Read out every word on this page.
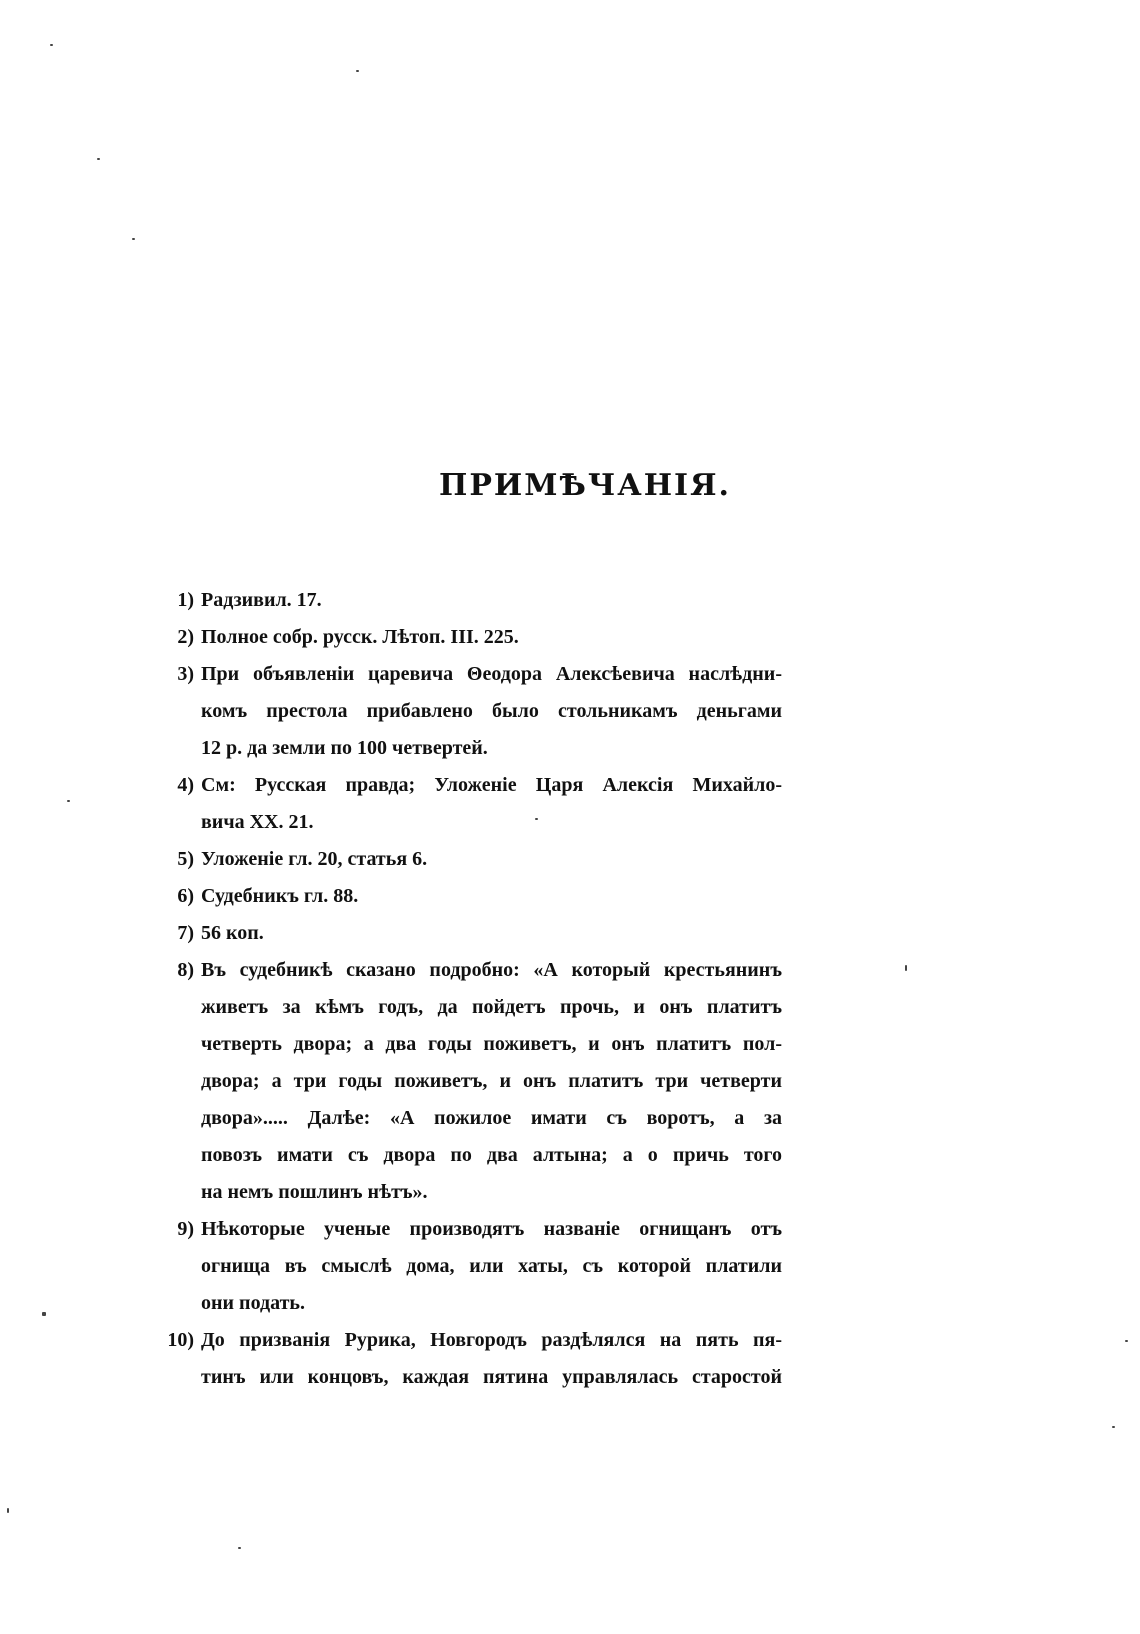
ПРИМѢЧАНІЯ.
1) Радзивил. 17.
2) Полное собр. русск. Лѣтоп. III. 225.
3) При объявленіи царевича Θеодора Алексѣевича наслѣдни-
комъ престола прибавлено было стольникамъ деньгами
12 р. да земли по 100 четвертей.
4) См: Русская правда; Уложеніе Царя Алексія Михайло-
вича XX. 21.
5) Уложеніе гл. 20, статья 6.
6) Судебникъ гл. 88.
7) 56 коп.
8) Въ судебникѣ сказано подробно: «А который крестьянинъ
живетъ за кѣмъ годъ, да пойдетъ прочь, и онъ платитъ
четверть двора; а два годы поживетъ, и онъ платитъ пол-
двора; а три годы поживетъ, и онъ платитъ три четверти
двора»..... Далѣе: «А пожилое имати съ воротъ, а за
повозъ имати съ двора по два алтына; а о причь того
на немъ пошлинъ нѣтъ».
9) Нѣкоторые ученые производятъ названіе огнищанъ отъ
огнища въ смыслѣ дома, или хаты, съ которой платили
они подать.
10) До призванія Рурика, Новгородъ раздѣлялся на пять пя-
тинъ или концовъ, каждая пятина управлялась старостой
